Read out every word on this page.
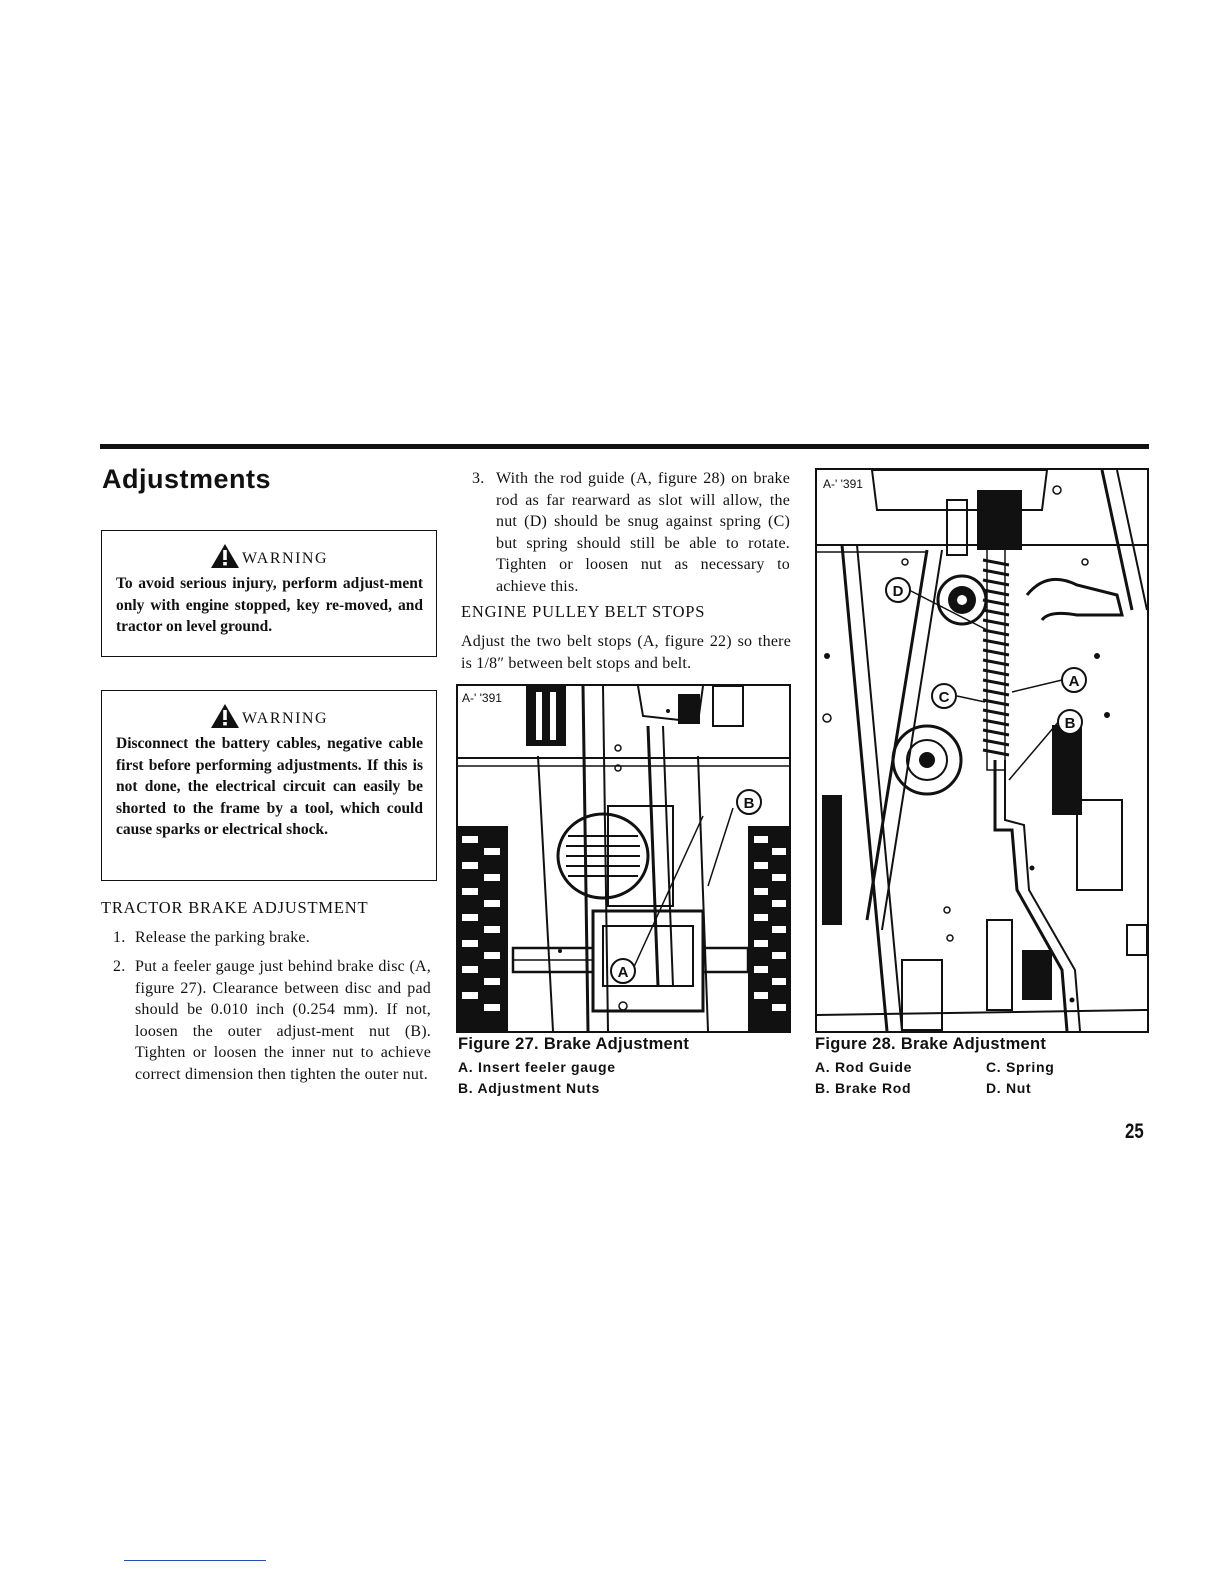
Adjustments
WARNING
To avoid serious injury, perform adjust-ment only with engine stopped, key re-moved, and tractor on level ground.
WARNING
Disconnect the battery cables, negative cable first before performing adjustments. If this is not done, the electrical circuit can easily be shorted to the frame by a tool, which could cause sparks or electrical shock.
TRACTOR BRAKE ADJUSTMENT
1. Release the parking brake.
2. Put a feeler gauge just behind brake disc (A, figure 27). Clearance between disc and pad should be 0.010 inch (0.254 mm). If not, loosen the outer adjust-ment nut (B). Tighten or loosen the inner nut to achieve correct dimension then tighten the outer nut.
3. With the rod guide (A, figure 28) on brake rod as far rearward as slot will allow, the nut (D) should be snug against spring (C) but spring should still be able to rotate. Tighten or loosen nut as necessary to achieve this.
ENGINE PULLEY BELT STOPS
Adjust the two belt stops (A, figure 22) so there is 1/8″ between belt stops and belt.
A-' '391
A
B
Figure 27. Brake Adjustment
A. Insert feeler gauge
B. Adjustment Nuts
A-' '391
D
C
A
B
Figure 28. Brake Adjustment
A. Rod Guide
B. Brake Rod
C. Spring
D. Nut
25
